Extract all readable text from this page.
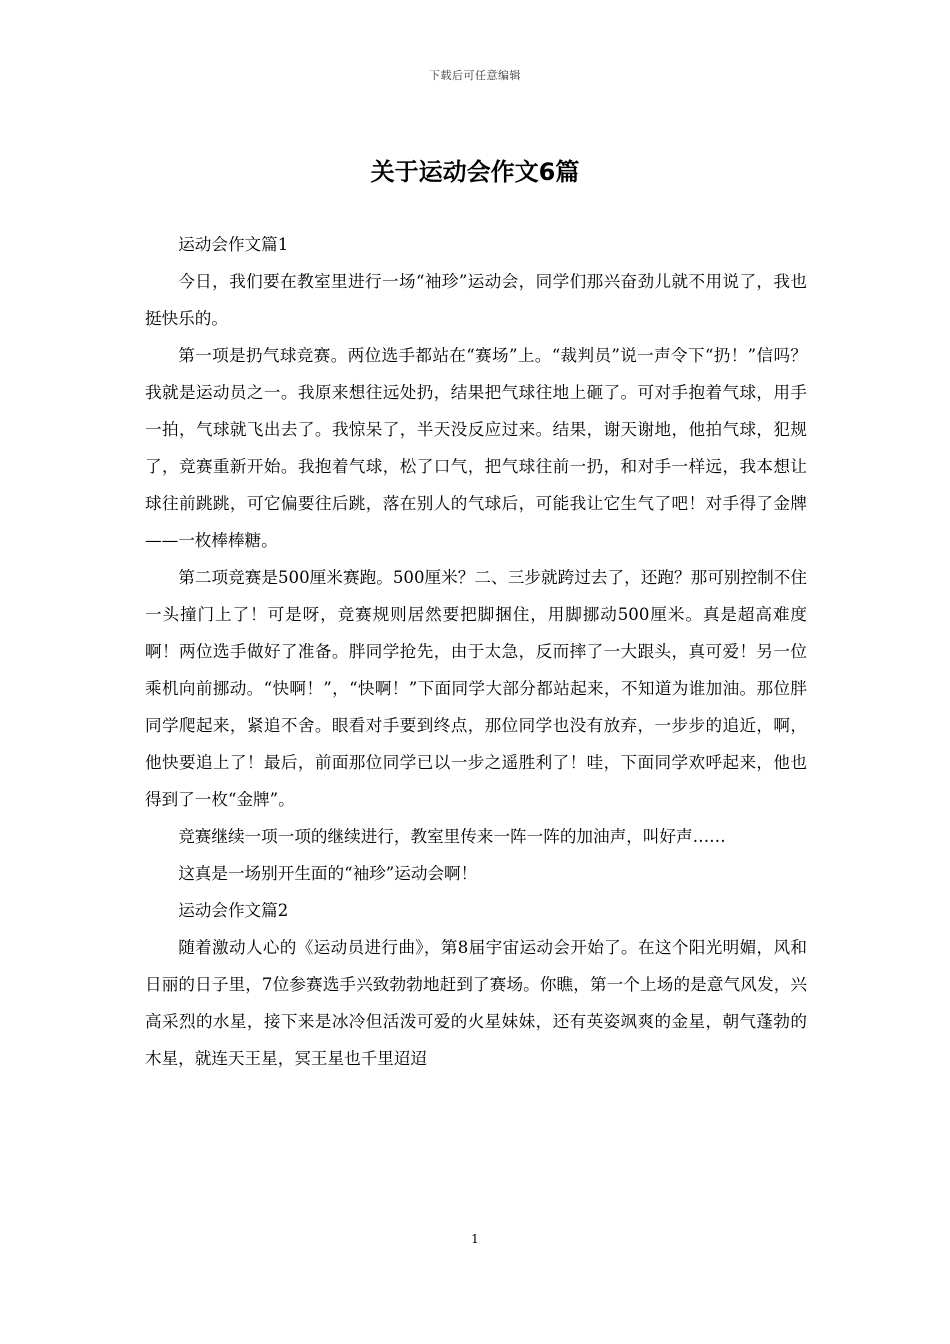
下载后可任意编辑
关于运动会作文6篇

运动会作文篇1

今日，我们要在教室里进行一场“袖珍”运动会，同学们那兴奋劲儿就不用说了，我也挺快乐的。

第一项是扔气球竞赛。两位选手都站在“赛场”上。“裁判员”说一声令下“扔！”信吗？我就是运动员之一。我原来想往远处扔，结果把气球往地上砸了。可对手抱着气球，用手一拍，气球就飞出去了。我惊呆了，半天没反应过来。结果，谢天谢地，他拍气球，犯规了，竞赛重新开始。我抱着气球，松了口气，把气球往前一扔，和对手一样远，我本想让球往前跳跳，可它偏要往后跳，落在别人的气球后，可能我让它生气了吧！对手得了金牌——一枚棒棒糖。

第二项竞赛是500厘米赛跑。500厘米？二、三步就跨过去了，还跑？那可别控制不住一头撞门上了！可是呀，竞赛规则居然要把脚捆住，用脚挪动500厘米。真是超高难度啊！两位选手做好了准备。胖同学抢先，由于太急，反而摔了一大跟头，真可爱！另一位乘机向前挪动。“快啊！”，“快啊！”下面同学大部分都站起来，不知道为谁加油。那位胖同学爬起来，紧追不舍。眼看对手要到终点，那位同学也没有放弃，一步步的追近，啊，他快要追上了！最后，前面那位同学已以一步之遥胜利了！哇，下面同学欢呼起来，他也得到了一枚“金牌”。

竞赛继续一项一项的继续进行，教室里传来一阵一阵的加油声，叫好声……

这真是一场别开生面的“袖珍”运动会啊！

运动会作文篇2

随着激动人心的《运动员进行曲》，第8届宇宙运动会开始了。在这个阳光明媚，风和日丽的日子里，7位参赛选手兴致勃勃地赶到了赛场。你瞧，第一个上场的是意气风发，兴高采烈的水星，接下来是冰冷但活泼可爱的火星妹妹，还有英姿飒爽的金星，朝气蓬勃的木星，就连天王星，冥王星也千里迢迢

1
